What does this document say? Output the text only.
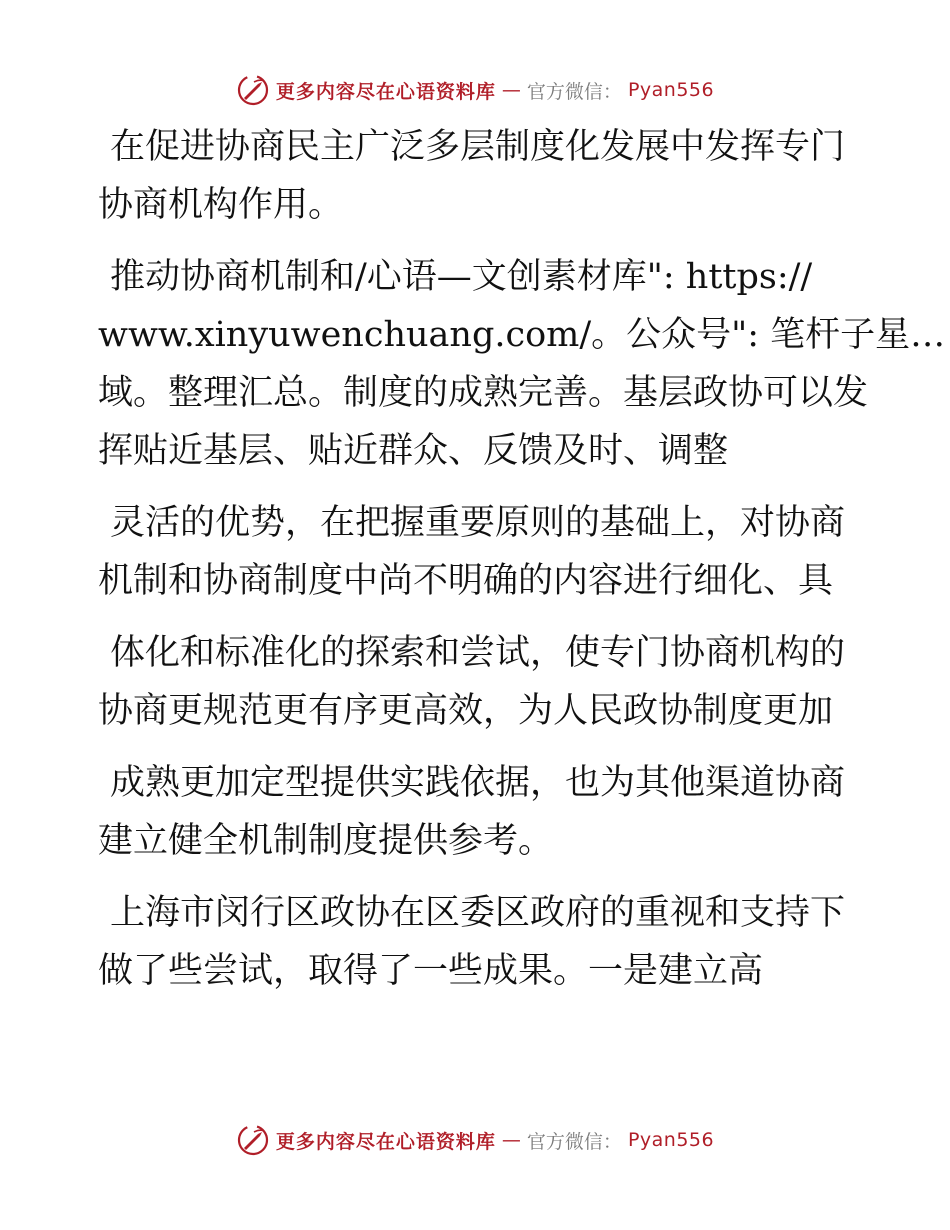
更多内容尽在心语资料库 — 官方微信： Pyan556
在促进协商民主广泛多层制度化发展中发挥专门
协商机构作用。
推动协商机制和/心语—文创素材库": https://
www.xinyuwenchuang.com/。公众号": 笔杆子星…
域。整理汇总。制度的成熟完善。基层政协可以发
挥贴近基层、贴近群众、反馈及时、调整
灵活的优势，在把握重要原则的基础上，对协商
机制和协商制度中尚不明确的内容进行细化、具
体化和标准化的探索和尝试，使专门协商机构的
协商更规范更有序更高效，为人民政协制度更加
成熟更加定型提供实践依据，也为其他渠道协商
建立健全机制制度提供参考。
上海市闵行区政协在区委区政府的重视和支持下
做了些尝试，取得了一些成果。一是建立高
更多内容尽在心语资料库 — 官方微信： Pyan556
